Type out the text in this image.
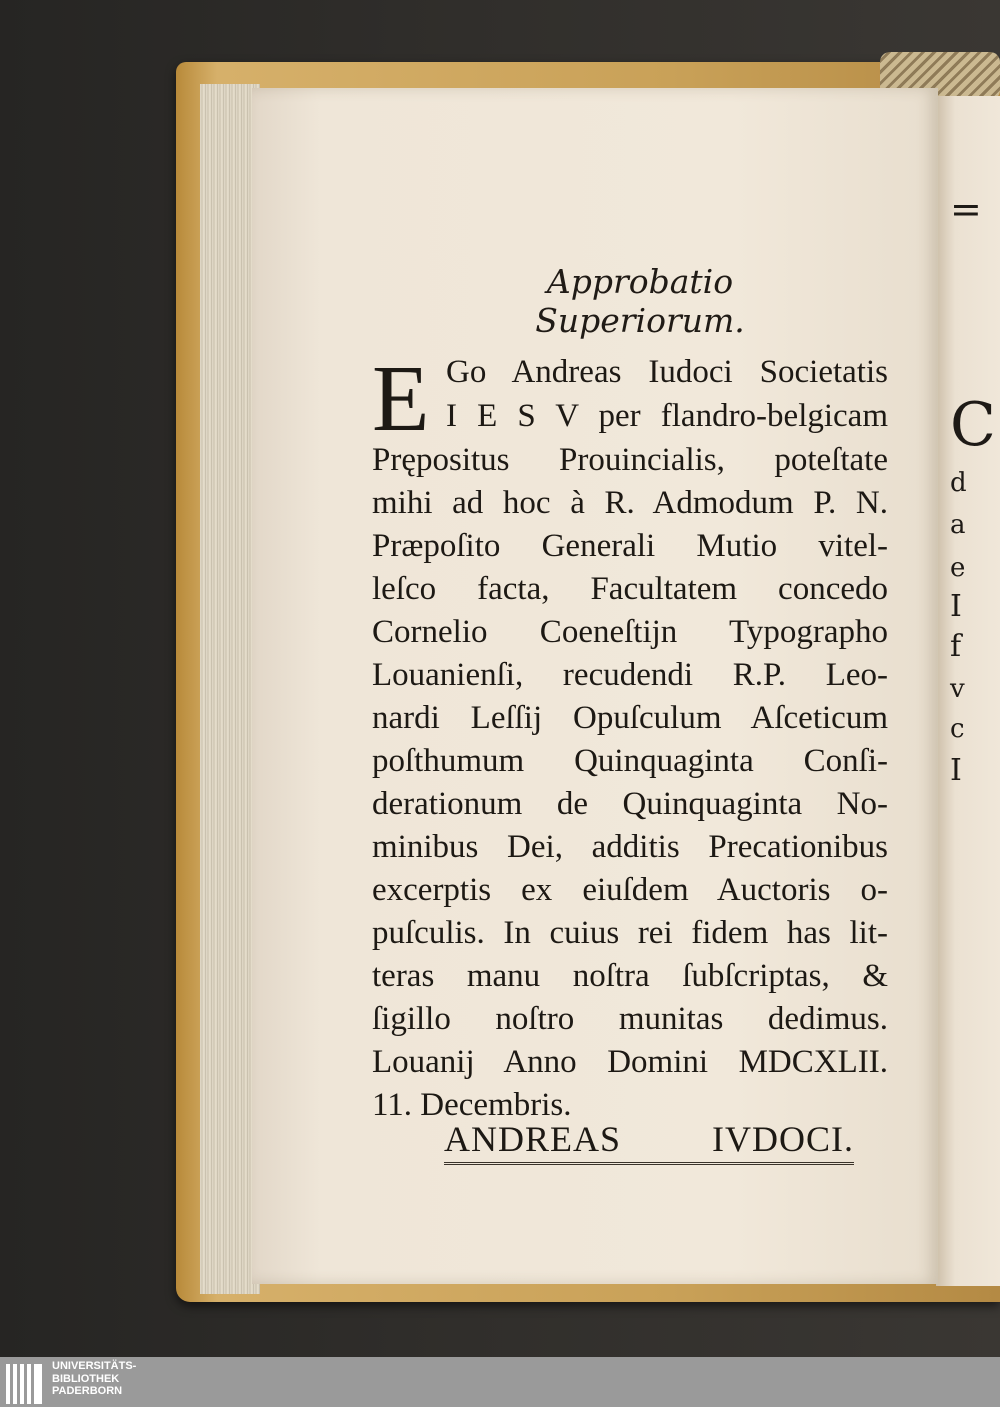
=
C
d
a
e
I
f
v
c
I
Approbatio Superiorum.
E Go Andreas Iudoci Societatis
I E S V per flandro-belgicam
Prępositus Prouincialis, poteſtate
mihi ad hoc à R. Admodum P. N.
Præpoſito Generali Mutio vitel-
leſco facta, Facultatem concedo
Cornelio Coeneſtijn Typographo
Louanienſi, recudendi R.P. Leo-
nardi Leſſij Opuſculum Aſceticum
poſthumum Quinquaginta Conſi-
derationum de Quinquaginta No-
minibus Dei, additis Precationibus
excerptis ex eiuſdem Auctoris o-
puſculis. In cuius rei fidem has lit-
teras manu noſtra ſubſcriptas, &
ſigillo noſtro munitas dedimus.
Louanij Anno Domini MDCXLII.
11. Decembris.
ANDREAS IVDOCI.
UNIVERSITÄTS-
BIBLIOTHEK
PADERBORN
